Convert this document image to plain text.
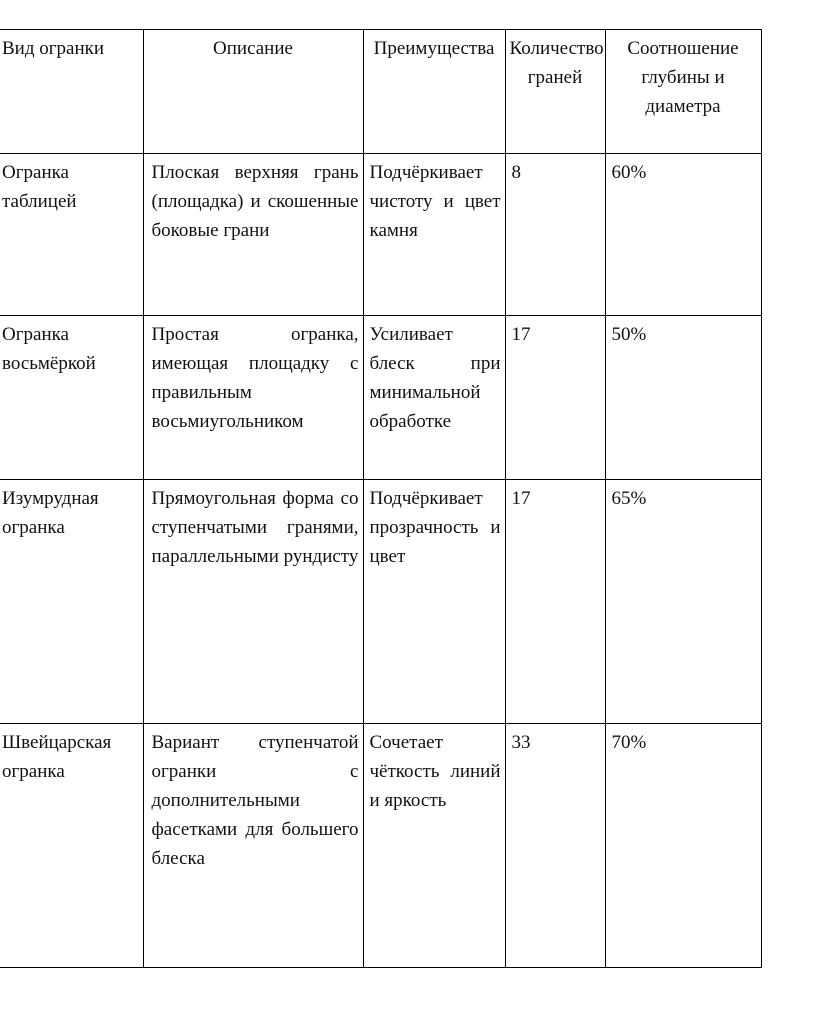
Вид огранки	Описание	Преимущества	Количество граней	Соотношение глубины и диаметра
Огранка таблицей	Плоская верхняя грань (площадка) и скошенные боковые грани	Подчёркивает чистоту и цвет камня	8	60%
Огранка восьмёркой	Простая огранка, имеющая площадку с правильным восьмиугольником	Усиливает блеск при минимальной обработке	17	50%
Изумрудная огранка	Прямоугольная форма со ступенчатыми гранями, параллельными рундисту	Подчёркивает прозрачность и цвет	17	65%
Швейцарская огранка	Вариант ступенчатой огранки с дополнительными фасетками для большего блеска	Сочетает чёткость линий и яркость	33	70%
